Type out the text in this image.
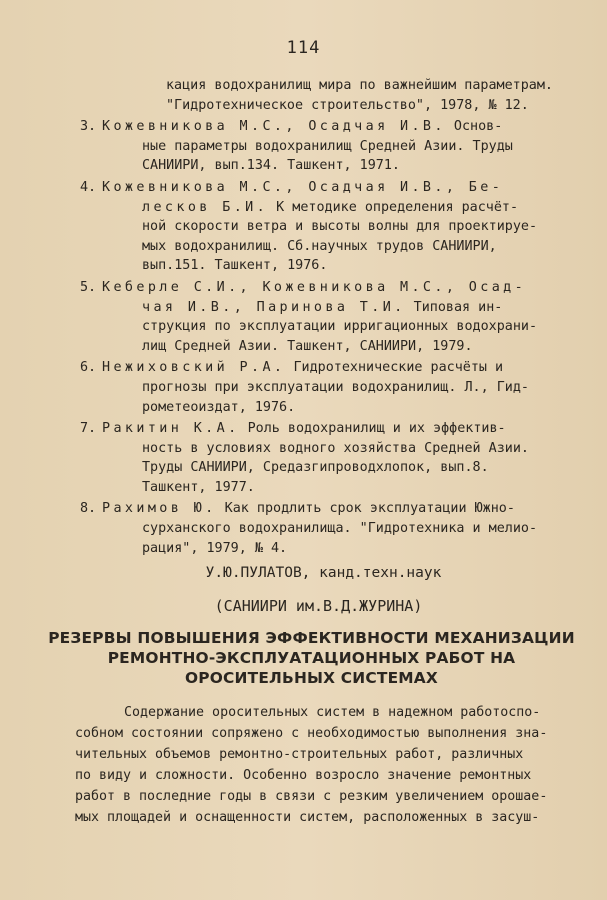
114
кация водохранилищ мира по важнейшим параметрам.
"Гидротехническое строительство", 1978, № 12.
3. Кожевникова М.С., Осадчая И.В. Основ-
ные параметры водохранилищ Средней Азии. Труды
САНИИРИ, вып.134. Ташкент, 1971.
4. Кожевникова М.С., Осадчая И.В., Бе-
лесков Б.И. К методике определения расчёт-
ной скорости ветра и высоты волны для проектируе-
мых водохранилищ. Сб.научных трудов САНИИРИ,
вып.151. Ташкент, 1976.
5. Keберле С.И., Кожевникова М.С., Осад-
чая И.В., Паринова Т.И. Типовая ин-
струкция по эксплуатации ирригационных водохрани-
лищ Средней Азии. Ташкент, САНИИРИ, 1979.
6. Нежиховский Р.А. Гидротехнические расчёты и
прогнозы при эксплуатации водохранилищ. Л., Гид-
рометеоиздат, 1976.
7. Ракитин К.А. Роль водохранилищ и их эффектив-
ность в условиях водного хозяйства Средней Азии.
Труды САНИИРИ, Средазгипроводхлопок, вып.8.
Ташкент, 1977.
8. Рахимов Ю. Как продлить срок эксплуатации Южно-
сурханского водохранилища. "Гидротехника и мелио-
рация", 1979, № 4.
У.Ю.ПУЛАТОВ, канд.техн.наук
(САНИИРИ им.В.Д.ЖУРИНА)
РЕЗЕРВЫ ПОВЫШЕНИЯ ЭФФЕКТИВНОСТИ МЕХАНИЗАЦИИ
РЕМОНТНО-ЭКСПЛУАТАЦИОННЫХ РАБОТ НА
ОРОСИТЕЛЬНЫХ СИСТЕМАХ
Содержание оросительных систем в надежном работоспо-
собном состоянии сопряжено с необходимостью выполнения зна-
чительных объемов ремонтно-строительных работ, различных
по виду и сложности. Особенно возросло значение ремонтных
работ в последние годы в связи с резким увеличением орошае-
мых площадей и оснащенности систем, расположенных в засуш-
